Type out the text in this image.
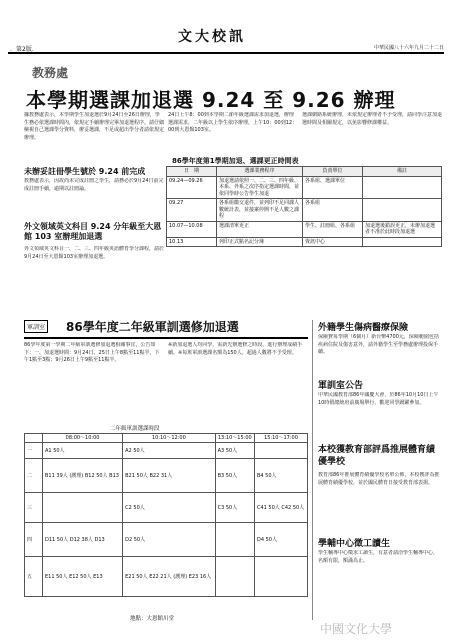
．第2版．
文大校訊
中華民國八十六年九月二十二日
教務處
本學期選課加退選 9.24 至 9.26 辦理
據教務處表示，本學期學生加退選於9月24日至26日辦理，學生務必依選課時間內，依規定手續辦理完畢加退選程序。請仔細檢視自己選課學分資料，辦妥選課，不足或超出學分者請依規定辦理。
未辦妥註冊學生號於 9.24 前完成
教務處表示，因故尚未完成註冊之學生，請務必於9月24日前完成註冊手續，逾期以註冊論。
外文領域英文科目 9.24 分年級至大恩館 103 室辦理加退選
外文領域英文科目一、二、三、四年級英語體育學分課程，請於9月24日至大恩館103室辦理加退選。
24日上午8：00到本學期二節年級選課需求加退選，辦理選課需求，二年級以上學生依序辦理，上午10：00到12：00到大恩館103室。
選課網路系統辦理，未依規定辦理者不予受理，請同學注意加退選時間及相關規定，以免影響修課權益。
86學年度第1學期加退、選課更正時間表
日　期	選課業務程序	負責單位	備註
09.24—09.26	加退選請依照一、二、三、四年級、本系、外系之次序指定選課時間，並依同學時公告學生加退	各系組、選課單位	
09.27	各系組繳交退件，並列印不足同課人數統計表，並接案停開不足人數之課程	各系組	
10.07—10.08	選課清單更正	學生、註冊組、各系組	加退選後錯誤更正，未辦加退選者不准於此時段加退選
10.13	列印正式點名記分簿	資訊中心	
軍訓室 86學年度二年級軍訓選修加退選
86學年度第一學期二年級軍訓選修加退選相關事宜，公告如下：一、加退選時間：9月24日、25日上午8點至11點半，下午1點至3點；9月26日上午9點至11點半。
※新加退選人均同學，需新先辦選修之時段，進行辦理成績手續。※每班軍訓選課名額為150人，超過人數將不予受理。
二年級軍訓選課時段
	08:00～10:00	10:10～12:00	13:10～15:00	15:10～17:00
一	A1 50人	A2 50人	A3 50人	
二	B11 39人 (護理) B12 50人 B13	B21 50人 B22 31人	B3 50人	B4 50人
三		C2 50人	C3 50人	C41 50人 C42 50人
四	D11 50人 D12 38人 D13	D2 50人		D4 50人
五	E11 50人 E12 50人 E13	E21 50人 E22 21人 (護理) E23 16人		
地點：大恩館川堂
外籍學生傷病醫療保險
保險費每學期（6個月）新台幣4700元，保險範圍包括疾病住院及傷害意外，請外籍學生至學務處辦理投保手續。
軍訓室公告
中華民國教育部86年國慶大會，於86年10月10日上午10時假總統府前廣場舉行，歡迎同學踴躍參加。
本校獲教育部評爲推展體育績優學校
教育部86年推展體育績優學校名單公佈，本校獲評為推展體育績優學校，並於國民體育日接受教育部表揚。
學輔中心徵工讀生
學生輔導中心徵求工讀生，有意者請洽學生輔導中心，名額有限，額滿為止。
中國文化大學
